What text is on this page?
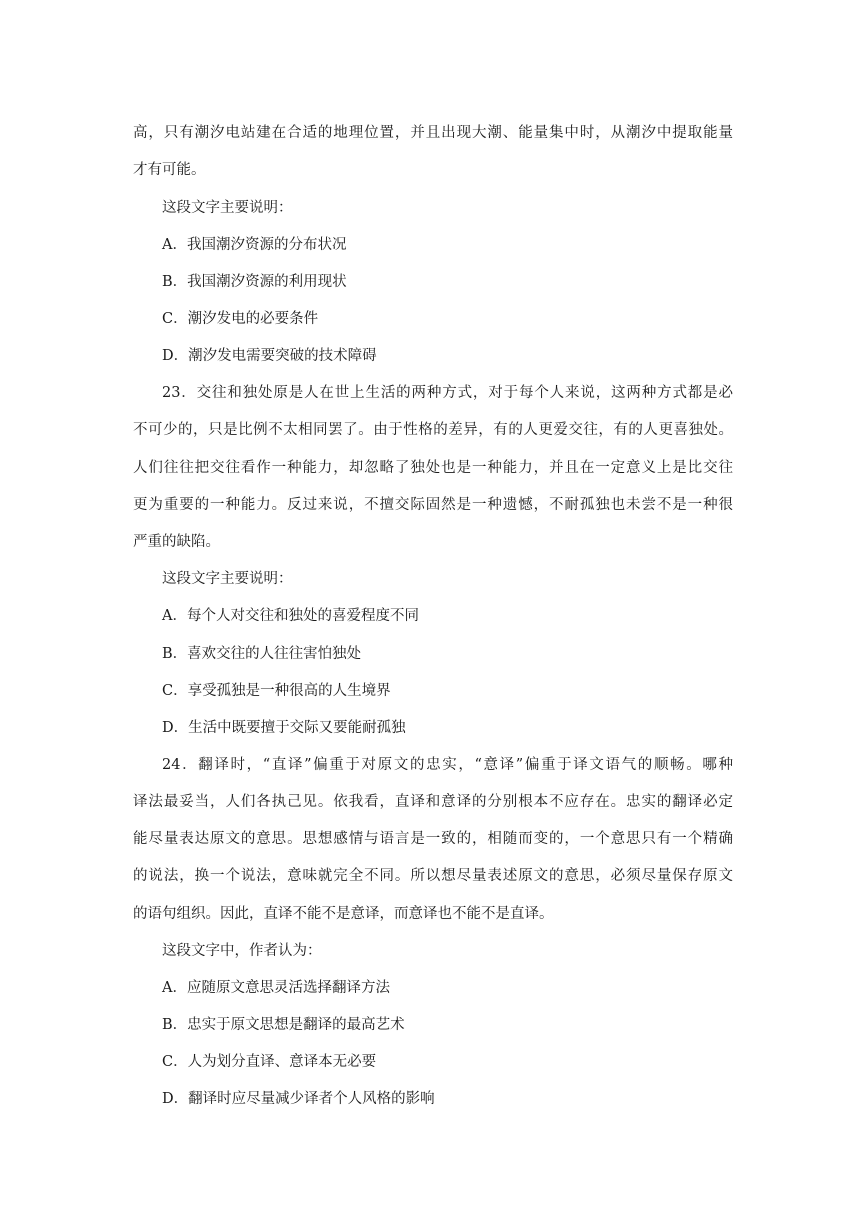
高，只有潮汐电站建在合适的地理位置，并且出现大潮、能量集中时，从潮汐中提取能量
才有可能。
这段文字主要说明：
A．我国潮汐资源的分布状况
B．我国潮汐资源的利用现状
C．潮汐发电的必要条件
D．潮汐发电需要突破的技术障碍
23．交往和独处原是人在世上生活的两种方式，对于每个人来说，这两种方式都是必
不可少的，只是比例不太相同罢了。由于性格的差异，有的人更爱交往，有的人更喜独处。
人们往往把交往看作一种能力，却忽略了独处也是一种能力，并且在一定意义上是比交往
更为重要的一种能力。反过来说，不擅交际固然是一种遗憾，不耐孤独也未尝不是一种很
严重的缺陷。
这段文字主要说明：
A．每个人对交往和独处的喜爱程度不同
B．喜欢交往的人往往害怕独处
C．享受孤独是一种很高的人生境界
D．生活中既要擅于交际又要能耐孤独
24．翻译时，“直译”偏重于对原文的忠实，“意译”偏重于译文语气的顺畅。哪种
译法最妥当，人们各执己见。依我看，直译和意译的分别根本不应存在。忠实的翻译必定
能尽量表达原文的意思。思想感情与语言是一致的，相随而变的，一个意思只有一个精确
的说法，换一个说法，意味就完全不同。所以想尽量表述原文的意思，必须尽量保存原文
的语句组织。因此，直译不能不是意译，而意译也不能不是直译。
这段文字中，作者认为：
A．应随原文意思灵活选择翻译方法
B．忠实于原文思想是翻译的最高艺术
C．人为划分直译、意译本无必要
D．翻译时应尽量减少译者个人风格的影响
